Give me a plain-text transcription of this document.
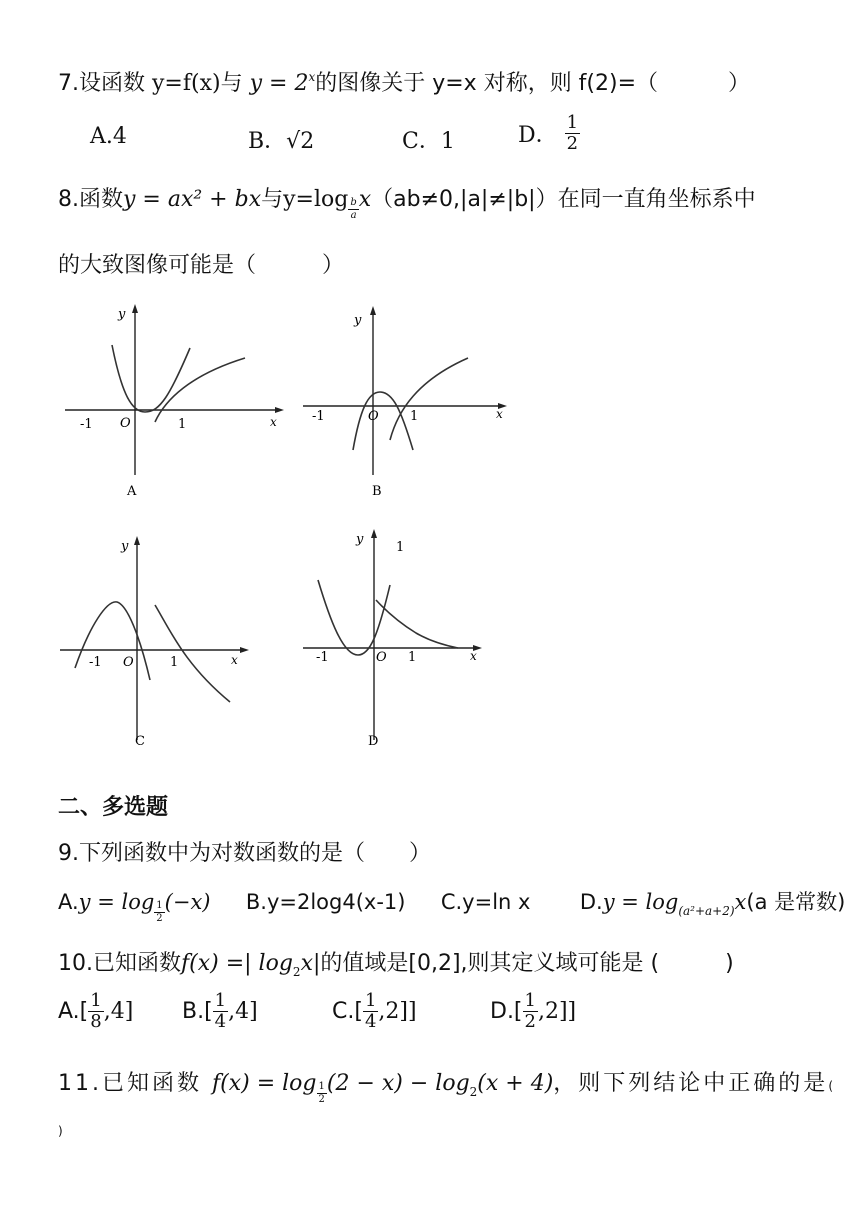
7.设函数 y=f(x)与 $y = 2^x$的图像关于 y=x 对称，则 f(2)=（	）
A.4	B．√2	C．1	D． $\frac{1}{2}$
8.函数y = ax² + bx与$y=\log \frac{b}{a} x(ab\ne 0,|a|\ne|b|)$在同一直角坐标系中
的大致图像可能是（　　　）
y
x
O
-1	1
A
y
x
O
-1	1
B
y
x
O
-1	1
C
y
1
x
O
-1	1
D
二、多选题
9.下列函数中为对数函数的是（　　）
$A.y = \log \frac{1}{2} (-x)$ B.y=2log4(x-1) C.y=ln x $D.y = \log_{(a^2+a+2)}x(a$ 是常数)
10.已知函数f(x) =| $\log_2x|$的值域是[0,2],则其定义域可能是 (　　　)
$A.[ \frac{1}{8} ,4]$ $B.[ \frac{1}{4} ,4]$	$C.[ \frac{1}{4} ,2]$]	$D.[ \frac{1}{2} ,2]$]
11.已知函数 $f(x) = \log \frac{1}{2} (2 - x) - \log_2(x + 4)$，则下列结论中正确的是(
)
